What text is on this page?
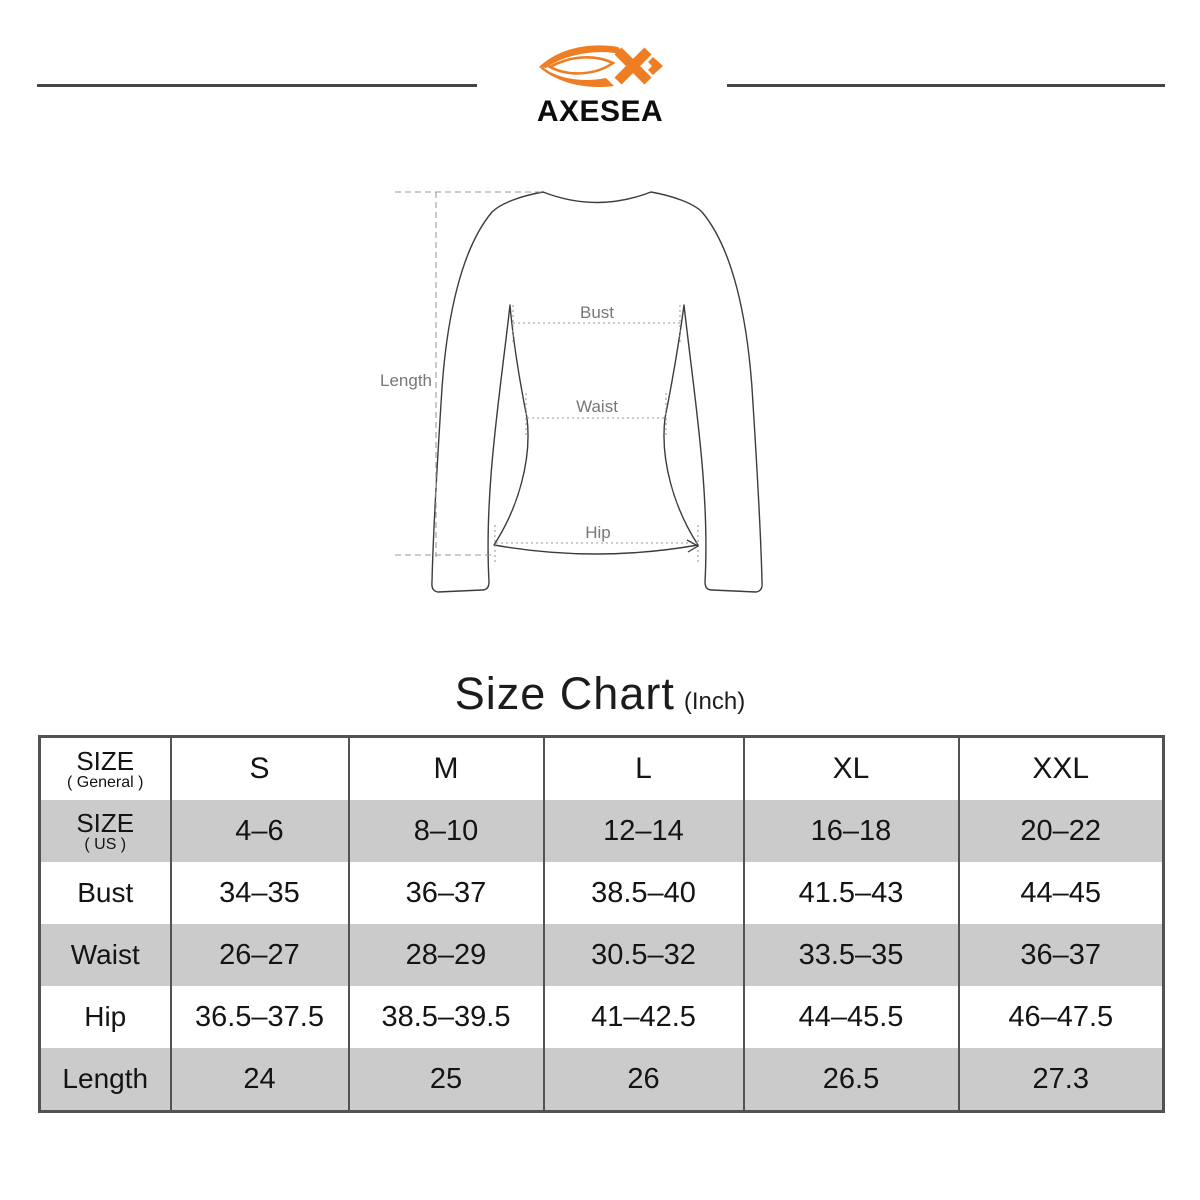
AXESEA
Length
Bust
Waist
Hip
Size Chart (Inch)
SIZE
( General )	S	M	L	XL	XXL

SIZE
( US )	4–6	8–10	12–14	16–18	20–22

Bust	34–35	36–37	38.5–40	41.5–43	44–45

Waist	26–27	28–29	30.5–32	33.5–35	36–37

Hip	36.5–37.5	38.5–39.5	41–42.5	44–45.5	46–47.5

Length	24	25	26	26.5	27.3
